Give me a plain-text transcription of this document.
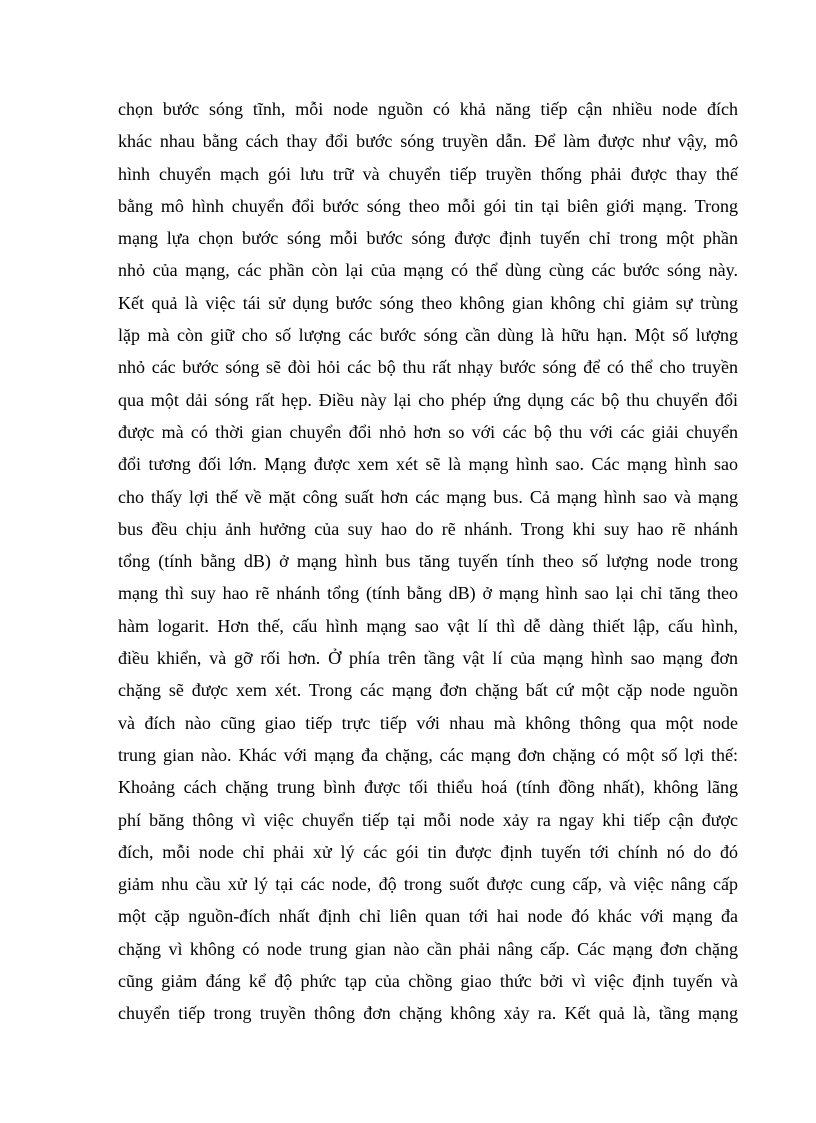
chọn bước sóng tĩnh, mỗi node nguồn có khả năng tiếp cận nhiều node đích
khác nhau bằng cách thay đổi bước sóng truyền dẫn. Để làm được như vậy, mô
hình chuyển mạch gói lưu trữ và chuyển tiếp truyền thống phải được thay thế
bằng mô hình chuyển đổi bước sóng theo mỗi gói tin tại biên giới mạng. Trong
mạng lựa chọn bước sóng mỗi bước sóng được định tuyến chỉ trong một phần
nhỏ của mạng, các phần còn lại của mạng có thể dùng cùng các bước sóng này.
Kết quả là việc tái sử dụng bước sóng theo không gian không chỉ giảm sự trùng
lặp mà còn giữ cho số lượng các bước sóng cần dùng là hữu hạn. Một số lượng
nhỏ các bước sóng sẽ đòi hỏi các bộ thu rất nhạy bước sóng để có thể cho truyền
qua một dải sóng rất hẹp. Điều này lại cho phép ứng dụng các bộ thu chuyển đổi
được mà có thời gian chuyển đổi nhỏ hơn so với các bộ thu với các giải chuyển
đổi tương đối lớn. Mạng được xem xét sẽ là mạng hình sao. Các mạng hình sao
cho thấy lợi thế về mặt công suất hơn các mạng bus. Cả mạng hình sao và mạng
bus đều chịu ảnh hưởng của suy hao do rẽ nhánh. Trong khi suy hao rẽ nhánh
tổng (tính bằng dB) ở mạng hình bus tăng tuyến tính theo số lượng node trong
mạng thì suy hao rẽ nhánh tổng (tính bằng dB) ở mạng hình sao lại chỉ tăng theo
hàm logarit. Hơn thế, cấu hình mạng sao vật lí thì dễ dàng thiết lập, cấu hình,
điều khiển, và gỡ rối hơn. Ở phía trên tầng vật lí của mạng hình sao mạng đơn
chặng sẽ được xem xét. Trong các mạng đơn chặng bất cứ một cặp node nguồn
và đích nào cũng giao tiếp trực tiếp với nhau mà không thông qua một node
trung gian nào. Khác với mạng đa chặng, các mạng đơn chặng có một số lợi thế:
Khoảng cách chặng trung bình được tối thiểu hoá (tính đồng nhất), không lãng
phí băng thông vì việc chuyển tiếp tại mỗi node xảy ra ngay khi tiếp cận được
đích, mỗi node chỉ phải xử lý các gói tin được định tuyến tới chính nó do đó
giảm nhu cầu xử lý tại các node, độ trong suốt được cung cấp, và việc nâng cấp
một cặp nguồn-đích nhất định chỉ liên quan tới hai node đó khác với mạng đa
chặng vì không có node trung gian nào cần phải nâng cấp. Các mạng đơn chặng
cũng giảm đáng kể độ phức tạp của chồng giao thức bởi vì việc định tuyến và
chuyển tiếp trong truyền thông đơn chặng không xảy ra. Kết quả là, tầng mạng
